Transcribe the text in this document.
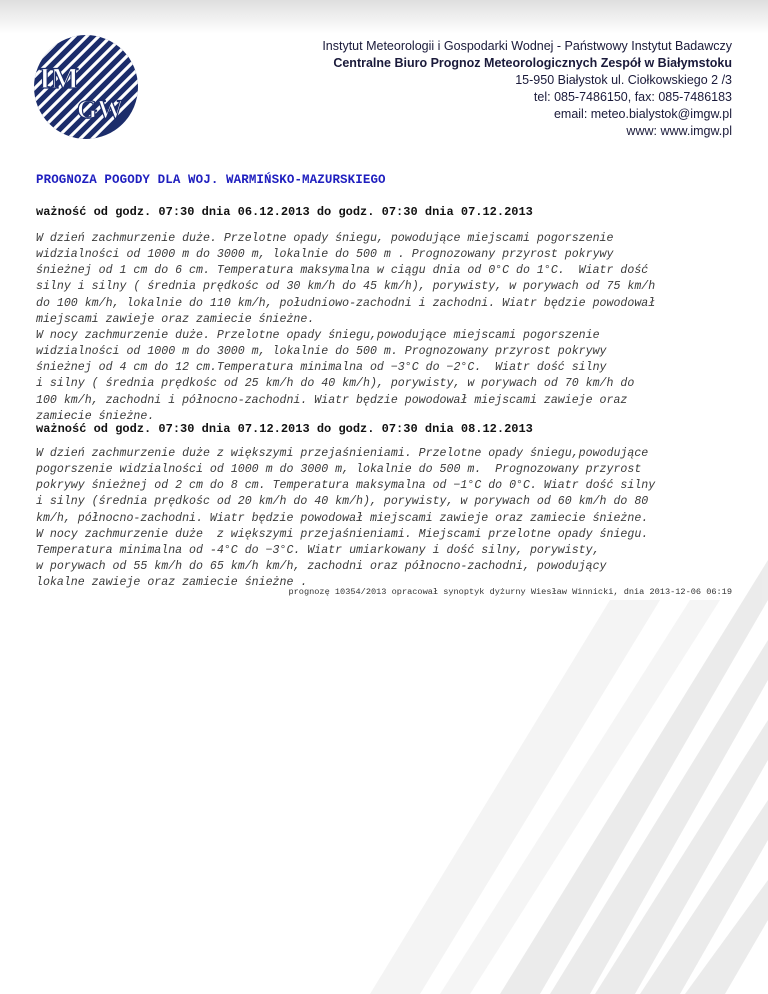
IM
GW
Instytut Meteorologii i Gospodarki Wodnej - Państwowy Instytut Badawczy
Centralne Biuro Prognoz Meteorologicznych Zespół w Białymstoku
15-950 Białystok ul. Ciołkowskiego 2 /3
tel: 085-7486150, fax: 085-7486183
email: meteo.bialystok@imgw.pl
www: www.imgw.pl
PROGNOZA POGODY DLA WOJ. WARMIŃSKO-MAZURSKIEGO
ważność od godz. 07:30 dnia 06.12.2013 do godz. 07:30 dnia 07.12.2013
W dzień zachmurzenie duże. Przelotne opady śniegu, powodujące miejscami pogorszenie
widzialności od 1000 m do 3000 m, lokalnie do 500 m . Prognozowany przyrost pokrywy
śnieżnej od 1 cm do 6 cm. Temperatura maksymalna w ciągu dnia od 0°C do 1°C.  Wiatr dość
silny i silny ( średnia prędkośc od 30 km/h do 45 km/h), porywisty, w porywach od 75 km/h
do 100 km/h, lokalnie do 110 km/h, południowo-zachodni i zachodni. Wiatr będzie powodował
miejscami zawieje oraz zamiecie śnieżne.
W nocy zachmurzenie duże. Przelotne opady śniegu,powodujące miejscami pogorszenie
widzialności od 1000 m do 3000 m, lokalnie do 500 m. Prognozowany przyrost pokrywy
śnieżnej od 4 cm do 12 cm.Temperatura minimalna od −3°C do −2°C.  Wiatr dość silny
i silny ( średnia prędkośc od 25 km/h do 40 km/h), porywisty, w porywach od 70 km/h do
100 km/h, zachodni i północno-zachodni. Wiatr będzie powodował miejscami zawieje oraz
zamiecie śnieżne.
ważność od godz. 07:30 dnia 07.12.2013 do godz. 07:30 dnia 08.12.2013
W dzień zachmurzenie duże z większymi przejaśnieniami. Przelotne opady śniegu,powodujące
pogorszenie widzialności od 1000 m do 3000 m, lokalnie do 500 m.  Prognozowany przyrost
pokrywy śnieżnej od 2 cm do 8 cm. Temperatura maksymalna od −1°C do 0°C. Wiatr dość silny
i silny (średnia prędkośc od 20 km/h do 40 km/h), porywisty, w porywach od 60 km/h do 80
km/h, północno-zachodni. Wiatr będzie powodował miejscami zawieje oraz zamiecie śnieżne.
W nocy zachmurzenie duże  z większymi przejaśnieniami. Miejscami przelotne opady śniegu.
Temperatura minimalna od -4°C do −3°C. Wiatr umiarkowany i dość silny, porywisty,
w porywach od 55 km/h do 65 km/h km/h, zachodni oraz północno-zachodni, powodujący
lokalne zawieje oraz zamiecie śnieżne .
prognozę 10354/2013 opracował synoptyk dyżurny Wiesław Winnicki, dnia 2013-12-06 06:19
